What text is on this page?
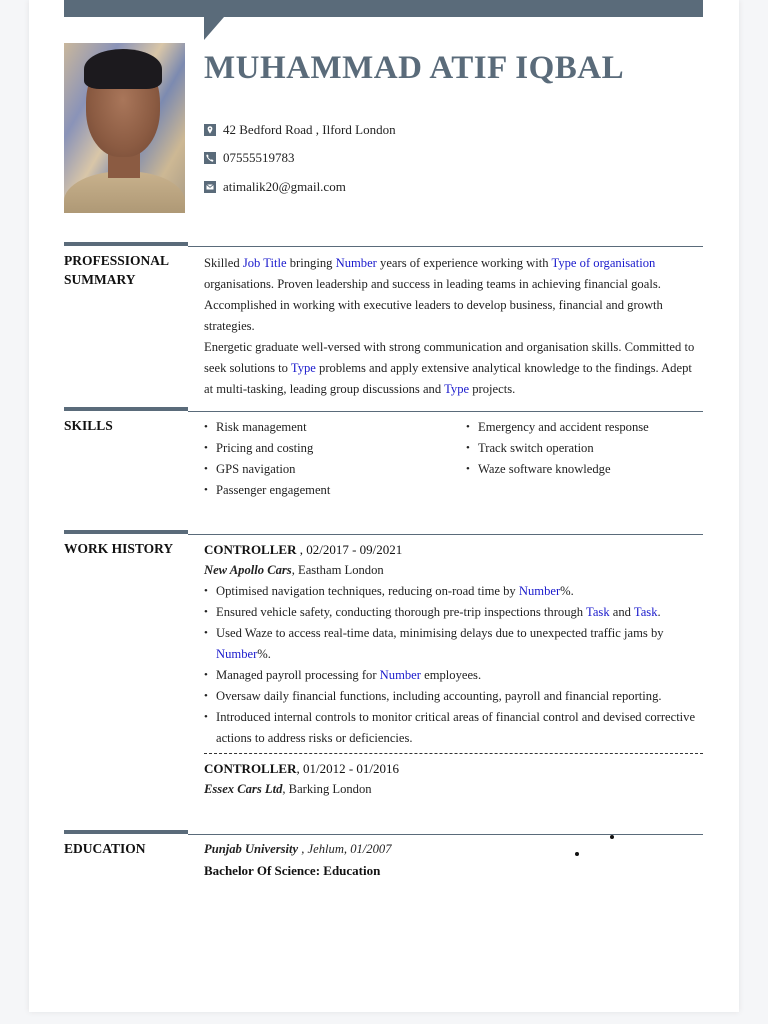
MUHAMMAD ATIF IQBAL
42 Bedford Road , Ilford London
07555519783
atimalik20@gmail.com
PROFESSIONAL
SUMMARY
Skilled Job Title bringing Number years of experience working with Type of organisation organisations. Proven leadership and success in leading teams in achieving financial goals. Accomplished in working with executive leaders to develop business, financial and growth strategies.
Energetic graduate well-versed with strong communication and organisation skills. Committed to seek solutions to Type problems and apply extensive analytical knowledge to the findings. Adept at multi-tasking, leading group discussions and Type projects.
SKILLS
•	Risk management
• Pricing and costing
• GPS navigation
• Passenger engagement
• Emergency and accident response
• Track switch operation
• Waze software knowledge
WORK HISTORY	CONTROLLER , 02/2017 - 09/2021
New Apollo Cars, Eastham London
• Optimised navigation techniques, reducing on-road time by Number%.
• Ensured vehicle safety, conducting thorough pre-trip inspections through Task and Task.
• Used Waze to access real-time data, minimising delays due to unexpected traffic jams by Number%.
• Managed payroll processing for Number employees.
• Oversaw daily financial functions, including accounting, payroll and financial reporting.
• Introduced internal controls to monitor critical areas of financial control and devised corrective actions to address risks or deficiencies.
CONTROLLER, 01/2012 - 01/2016
Essex Cars Ltd, Barking London
EDUCATION	Punjab University , Jehlum, 01/2007
Bachelor Of Science: Education
